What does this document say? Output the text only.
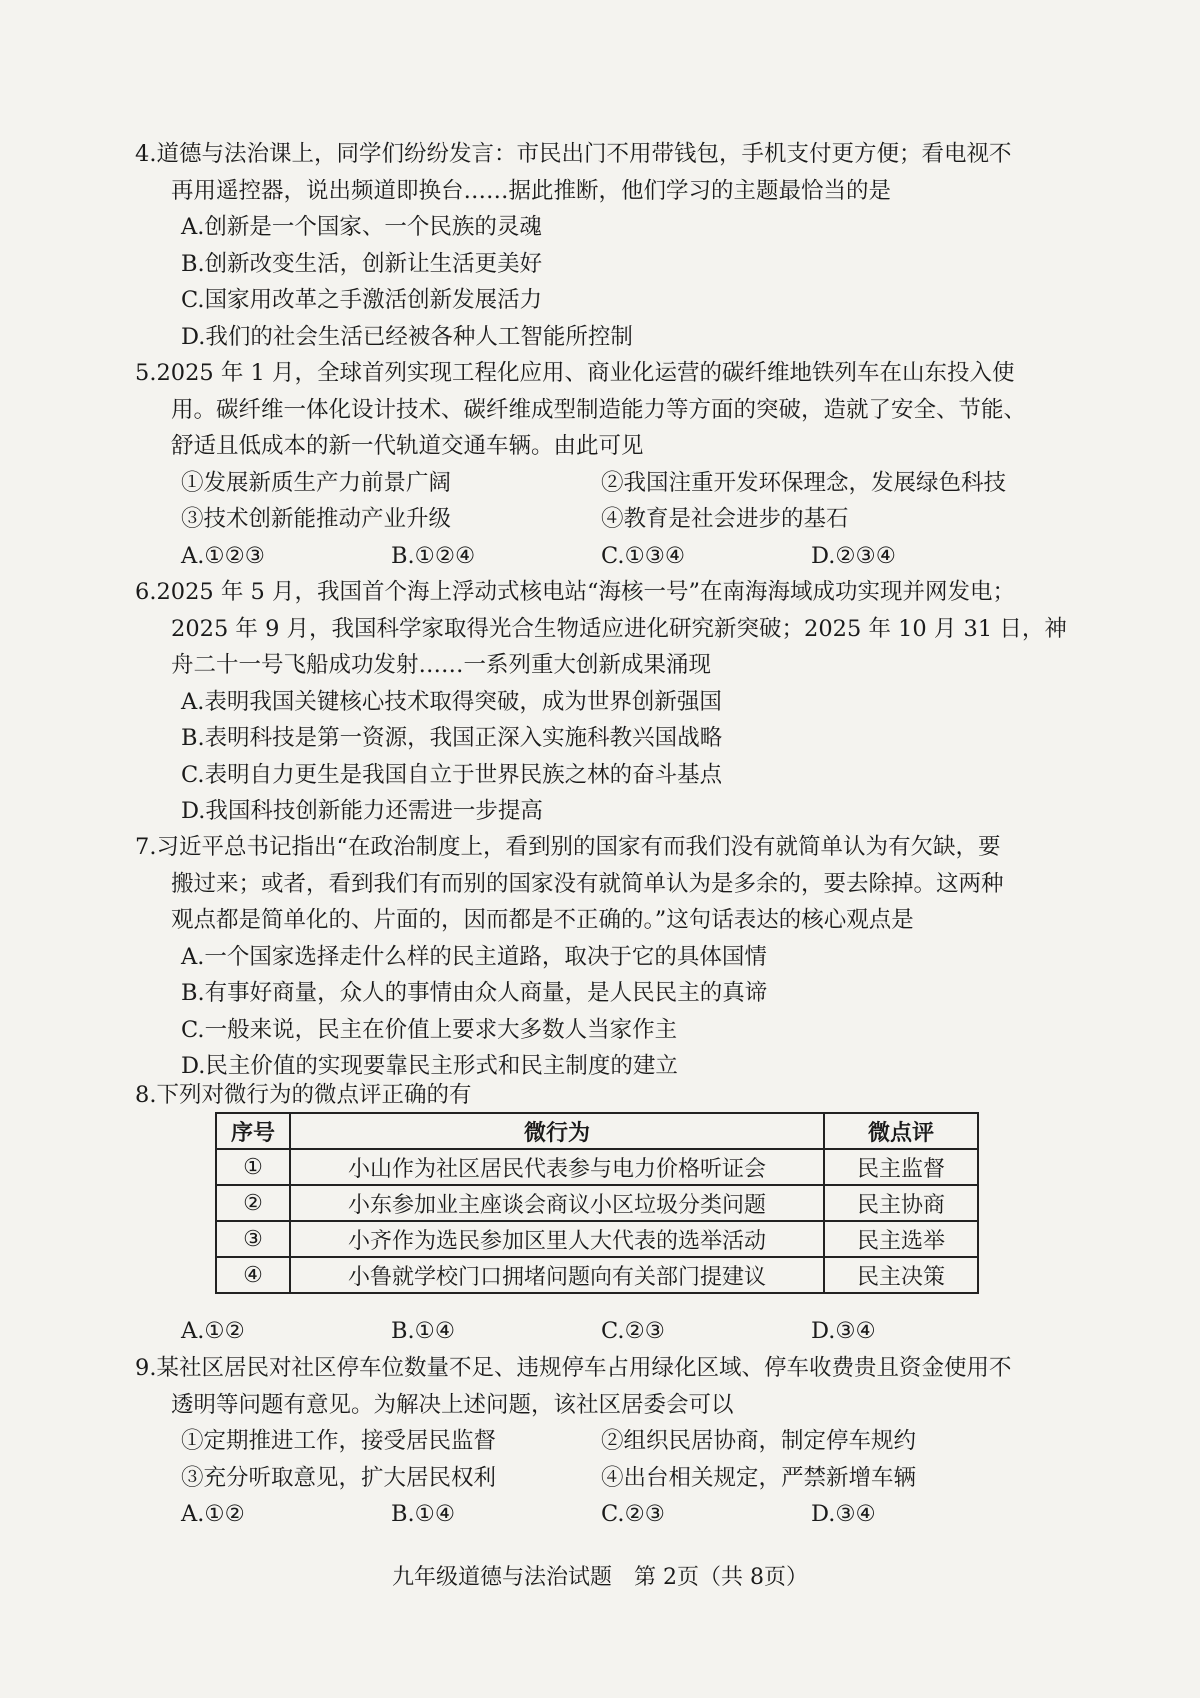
4.道德与法治课上，同学们纷纷发言：市民出门不用带钱包，手机支付更方便；看电视不
再用遥控器，说出频道即换台……据此推断，他们学习的主题最恰当的是
A.创新是一个国家、一个民族的灵魂
B.创新改变生活，创新让生活更美好
C.国家用改革之手激活创新发展活力
D.我们的社会生活已经被各种人工智能所控制
5.2025 年 1 月，全球首列实现工程化应用、商业化运营的碳纤维地铁列车在山东投入使
用。碳纤维一体化设计技术、碳纤维成型制造能力等方面的突破，造就了安全、节能、
舒适且低成本的新一代轨道交通车辆。由此可见
①发展新质生产力前景广阔	②我国注重开发环保理念，发展绿色科技
③技术创新能推动产业升级	④教育是社会进步的基石
A.①②③	B.①②④	C.①③④	D.②③④
6.2025 年 5 月，我国首个海上浮动式核电站“海核一号”在南海海域成功实现并网发电；
2025 年 9 月，我国科学家取得光合生物适应进化研究新突破；2025 年 10 月 31 日，神
舟二十一号飞船成功发射……一系列重大创新成果涌现
A.表明我国关键核心技术取得突破，成为世界创新强国
B.表明科技是第一资源，我国正深入实施科教兴国战略
C.表明自力更生是我国自立于世界民族之林的奋斗基点
D.我国科技创新能力还需进一步提高
7.习近平总书记指出“在政治制度上，看到别的国家有而我们没有就简单认为有欠缺，要
搬过来；或者，看到我们有而别的国家没有就简单认为是多余的，要去除掉。这两种
观点都是简单化的、片面的，因而都是不正确的。”这句话表达的核心观点是
A.一个国家选择走什么样的民主道路，取决于它的具体国情
B.有事好商量，众人的事情由众人商量，是人民民主的真谛
C.一般来说，民主在价值上要求大多数人当家作主
D.民主价值的实现要靠民主形式和民主制度的建立
8.下列对微行为的微点评正确的有
序号	微行为	微点评
①	小山作为社区居民代表参与电力价格听证会	民主监督
②	小东参加业主座谈会商议小区垃圾分类问题	民主协商
③	小齐作为选民参加区里人大代表的选举活动	民主选举
④	小鲁就学校门口拥堵问题向有关部门提建议	民主决策
A.①②	B.①④	C.②③	D.③④
9.某社区居民对社区停车位数量不足、违规停车占用绿化区域、停车收费贵且资金使用不
透明等问题有意见。为解决上述问题，该社区居委会可以
①定期推进工作，接受居民监督	②组织民居协商，制定停车规约
③充分听取意见，扩大居民权利	④出台相关规定，严禁新增车辆
A.①②	B.①④	C.②③	D.③④
九年级道德与法治试题　第 2页（共 8页）
